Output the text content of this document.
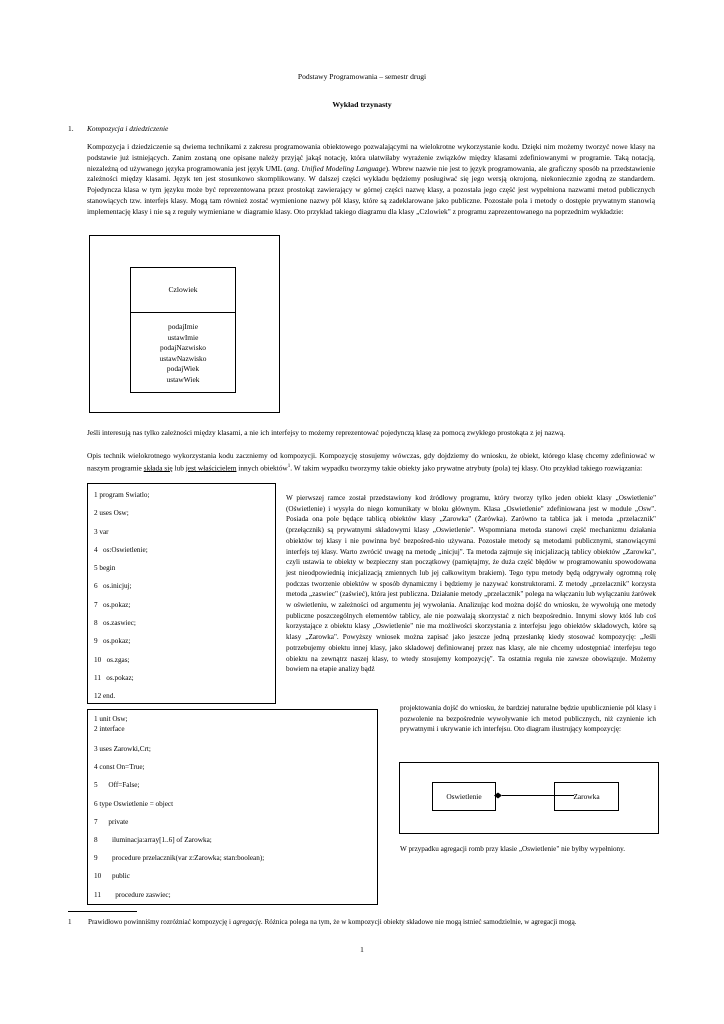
Podstawy Programowania – semestr drugi
Wykład trzynasty
1. Kompozycja i dziedziczenie
Kompozycja i dziedziczenie są dwiema technikami z zakresu programowania obiektowego pozwalającymi na wielokrotne wykorzystanie kodu. Dzięki nim możemy tworzyć nowe klasy na podstawie już istniejących. Zanim zostaną one opisane należy przyjąć jakąś notację, która ułatwiłaby wyrażenie związków między klasami zdefiniowanymi w programie. Taką notacją, niezależną od używanego języka programowania jest język UML (ang. Unified Modeling Language). Wbrew nazwie nie jest to język programowania, ale graficzny sposób na przedstawienie zależności między klasami. Język ten jest stosunkowo skomplikowany. W dalszej części wykładu będziemy posługiwać się jego wersją okrojoną, niekoniecznie zgodną ze standardem. Pojedyncza klasa w tym języku może być reprezentowana przez prostokąt zawierający w górnej części nazwę klasy, a pozostała jego część jest wypełniona nazwami metod publicznych stanowiących tzw. interfejs klasy. Mogą tam również zostać wymienione nazwy pól klasy, które są zadeklarowane jako publiczne. Pozostałe pola i metody o dostępie prywatnym stanowią implementację klasy i nie są z reguły wymieniane w diagramie klasy. Oto przykład takiego diagramu dla klasy „Czlowiek" z programu zaprezentowanego na poprzednim wykładzie:
Czlowiek
podajImie
ustawImie
podajNazwisko
ustawNazwisko
podajWiek
ustawWiek
Jeśli interesują nas tylko zależności między klasami, a nie ich interfejsy to możemy reprezentować pojedynczą klasę za pomocą zwykłego prostokąta z jej nazwą.
Opis technik wielokrotnego wykorzystania kodu zaczniemy od kompozycji. Kompozycję stosujemy wówczas, gdy dojdziemy do wniosku, że obiekt, którego klasę chcemy zdefiniować w naszym programie składa się lub jest właścicielem innych obiektów$^1$. W takim wypadku tworzymy takie obiekty jako prywatne atrybuty (pola) tej klasy. Oto przykład takiego rozwiązania:
1 program Swiatlo;
2 uses Osw;
3 var
4   os:Oswietlenie;
5 begin
6   os.inicjuj;
7   os.pokaz;
8   os.zaswiec;
9   os.pokaz;
10   os.zgas;
11   os.pokaz;
12 end.
1 unit Osw;
2 interface
3 uses Zarowki,Crt;
4 const On=True;
5      Off=False;
6 type Oswietlenie = object
7      private
8        iluminacja:array[1..6] of Zarowka;
9        procedure przelacznik(var z:Zarowka; stan:boolean);
10      public
11        procedure zaswiec;
W pierwszej ramce został przedstawiony kod źródłowy programu, który tworzy tylko jeden obiekt klasy „Oswietlenie" (Oświetlenie) i wysyła do niego komunikaty w bloku głównym. Klasa „Oswietlenie" zdefiniowana jest w module „Osw". Posiada ona pole będące tablicą obiektów klasy „Zarowka" (Żarówka). Zarówno ta tablica jak i metoda „przelacznik" (przełącznik) są prywatnymi składowymi klasy „Oswietlenie". Wspomniana metoda stanowi część mechanizmu działania obiektów tej klasy i nie powinna być bezpośred-nio używana. Pozostałe metody są metodami publicznymi, stanowiącymi interfejs tej klasy. Warto zwrócić uwagę na metodę „inicjuj". Ta metoda zajmuje się inicjalizacją tablicy obiektów „Zarowka", czyli ustawia te obiekty w bezpieczny stan początkowy (pamiętajmy, że duża część błędów w programowaniu spowodowana jest nieodpowiednią inicjalizacją zmiennych lub jej całkowitym brakiem). Tego typu metody będą odgrywały ogromną rolę podczas tworzenie obiektów w sposób dynamiczny i będziemy je nazywać konstruktorami. Z metody „przelacznik" korzysta metoda „zaswiec" (zaświeć), która jest publiczna. Działanie metody „przelacznik" polega na włączaniu lub wyłączaniu żarówek w oświetleniu, w zależności od argumentu jej wywołania. Analizując kod można dojść do wniosku, że wywołują one metody publiczne poszczególnych elementów tablicy, ale nie pozwalają skorzystać z nich bezpośrednio. Innymi słowy któś lub coś korzystające z obiektu klasy „Oswietlenie" nie ma możliwości skorzystania z interfejsu jego obiektów składowych, które są klasy „Zarowka". Powyższy wniosek można zapisać jako jeszcze jedną przesłankę kiedy stosować kompozycję: „Jeśli potrzebujemy obiektu innej klasy, jako składowej definiowanej przez nas klasy, ale nie chcemy udostępniać interfejsu tego obiektu na zewnątrz naszej klasy, to wtedy stosujemy kompozycję". Ta ostatnia reguła nie zawsze obowiązuje. Możemy bowiem na etapie analizy bądź
projektowania dojść do wniosku, że bardziej naturalne będzie upublicznienie pól klasy i pozwolenie na bezpośrednie wywoływanie ich metod publicznych, niż czynienie ich prywatnymi i ukrywanie ich interfejsu. Oto diagram ilustrujący kompozycję:
Oswietlenie	Zarowka
W przypadku agregacji romb przy klasie „Oswietlenie" nie byłby wypełniony.
1 Prawidłowo powinniśmy rozróżniać kompozycję i agregację. Różnica polega na tym, że w kompozycji obiekty składowe nie mogą istnieć samodzielnie, w agregacji mogą.
1
